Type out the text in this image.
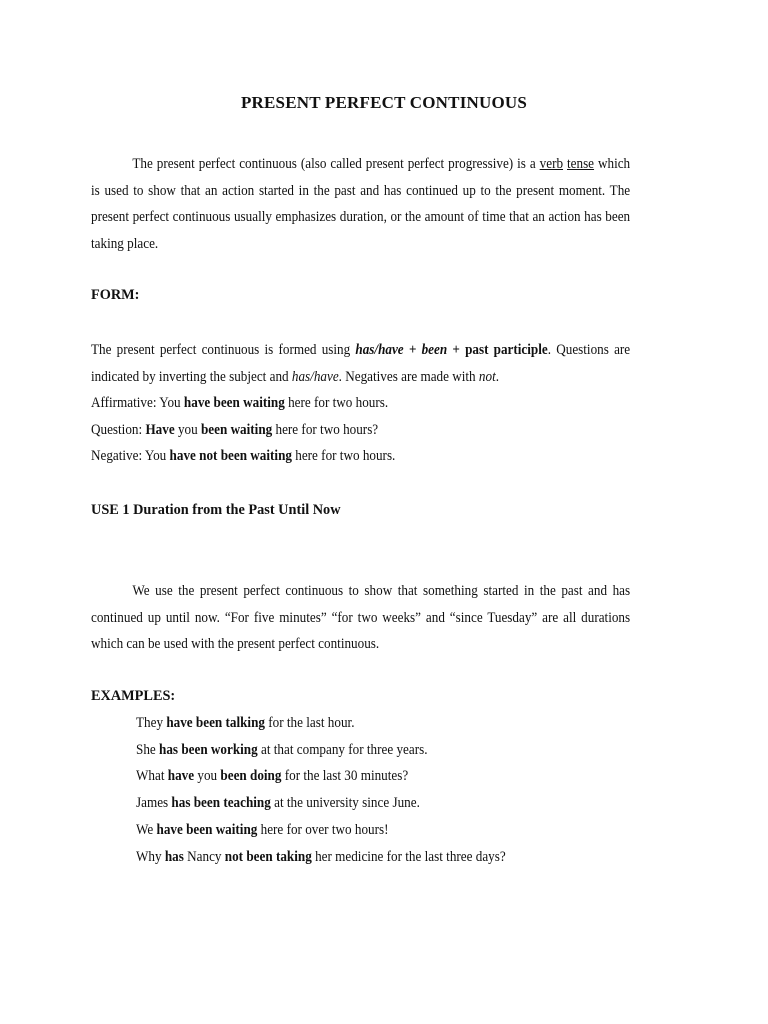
PRESENT PERFECT CONTINUOUS
The present perfect continuous (also called present perfect progressive) is a verb tense which is used to show that an action started in the past and has continued up to the present moment. The present perfect continuous usually emphasizes duration, or the amount of time that an action has been taking place.
FORM:
The present perfect continuous is formed using has/have + been + past participle. Questions are indicated by inverting the subject and has/have. Negatives are made with not.
Affirmative: You have been waiting here for two hours.
Question: Have you been waiting here for two hours?
Negative: You have not been waiting here for two hours.
USE 1 Duration from the Past Until Now
We use the present perfect continuous to show that something started in the past and has continued up until now. “For five minutes” “for two weeks” and “since Tuesday” are all durations which can be used with the present perfect continuous.
EXAMPLES:
They have been talking for the last hour.
She has been working at that company for three years.
What have you been doing for the last 30 minutes?
James has been teaching at the university since June.
We have been waiting here for over two hours!
Why has Nancy not been taking her medicine for the last three days?
